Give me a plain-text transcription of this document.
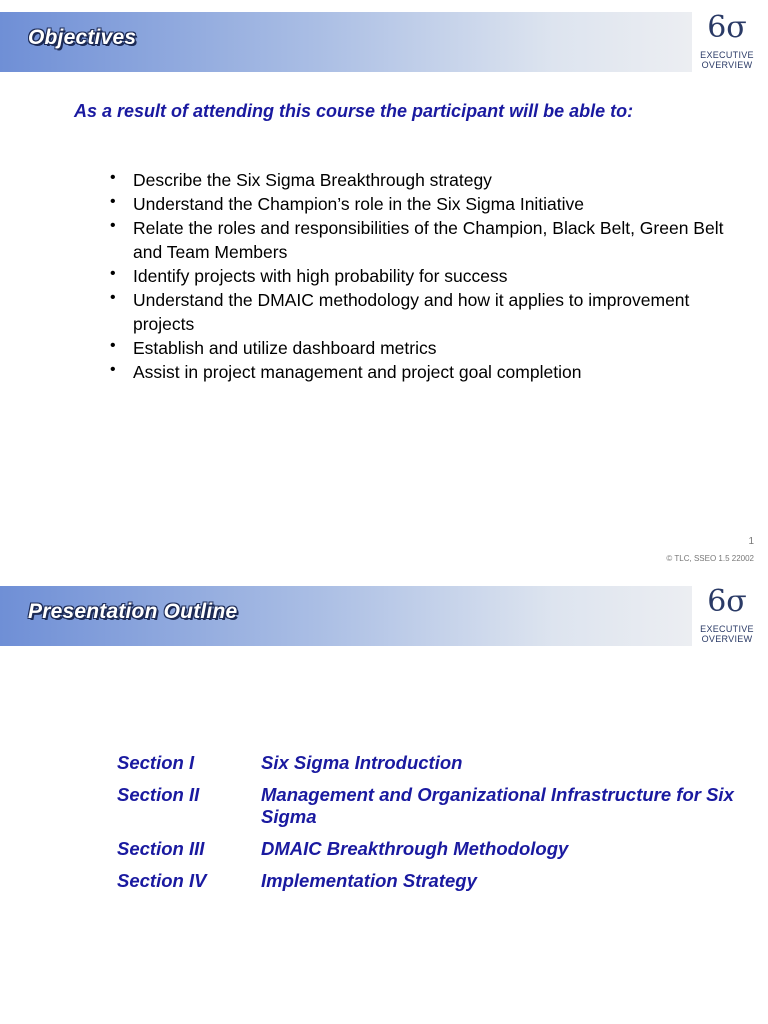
Objectives	6σ
EXECUTIVE
OVERVIEW
As a result of attending this course the participant will be able to:
• Describe the Six Sigma Breakthrough strategy
• Understand the Champion’s role in the Six Sigma Initiative
• Relate the roles and responsibilities of the Champion, Black Belt, Green Belt and Team Members
• Identify projects with high probability for success
• Understand the DMAIC methodology and how it applies to improvement projects
• Establish and utilize dashboard metrics
• Assist in project management and project goal completion
1
© TLC, SSEO 1.5 22002
Presentation Outline	6σ
EXECUTIVE
OVERVIEW
Section I	Six Sigma Introduction
Section II	Management and Organizational Infrastructure for Six Sigma
Section III	DMAIC Breakthrough Methodology
Section IV	Implementation Strategy
